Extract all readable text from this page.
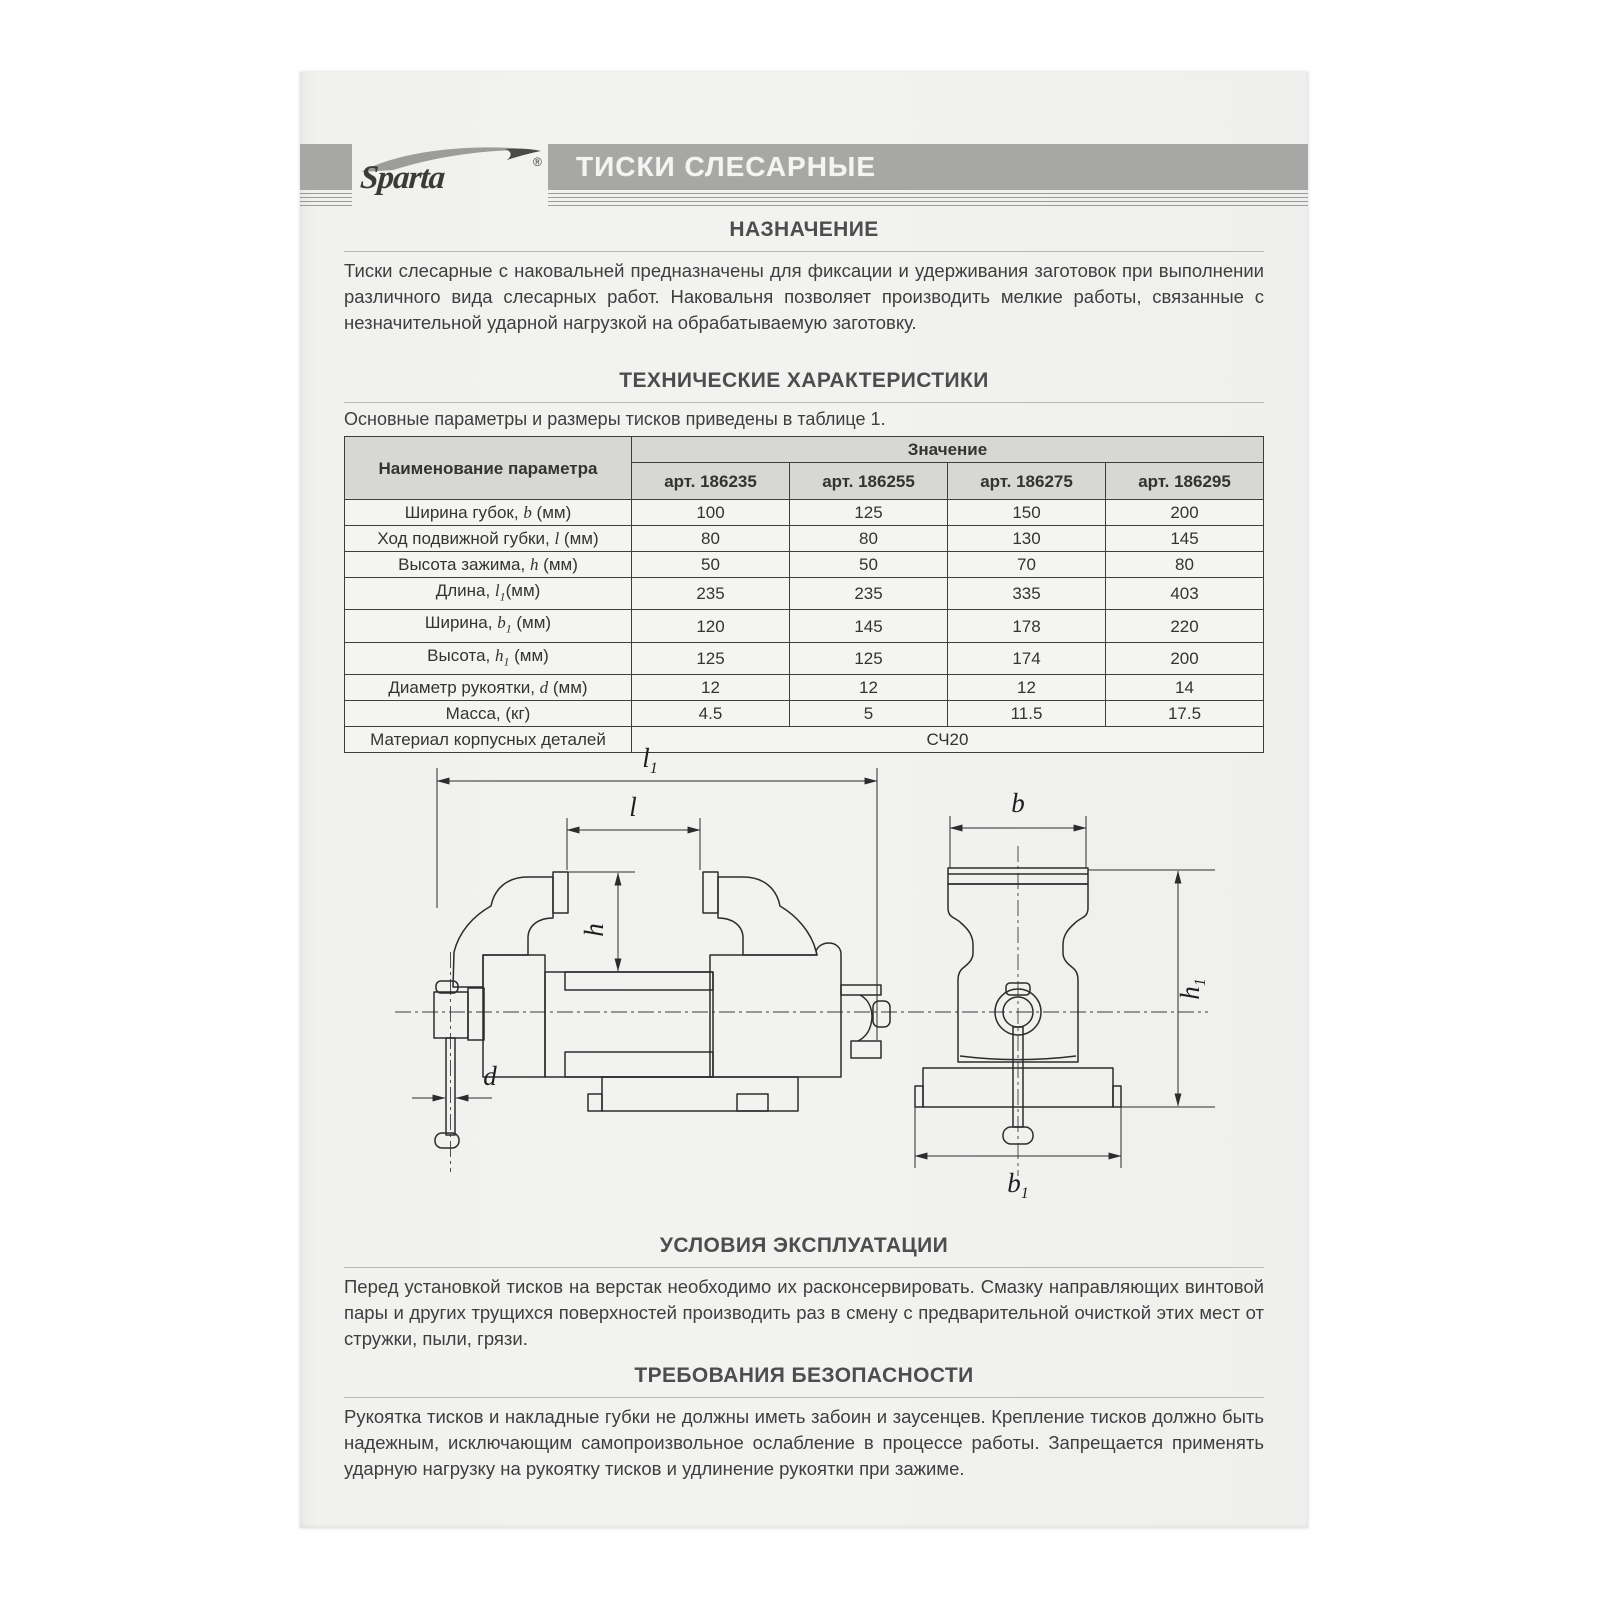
Sparta	®	ТИСКИ СЛЕСАРНЫЕ
НАЗНАЧЕНИЕ

Тиски слесарные с наковальней предназначены для фиксации и удерживания заготовок при выполнении различного вида слесарных работ. Наковальня позволяет производить мелкие работы, связанные с незначительной ударной нагрузкой на обрабатываемую заготовку.

ТЕХНИЧЕСКИЕ ХАРАКТЕРИСТИКИ

Основные параметры и размеры тисков приведены в таблице 1.

Наименование параметра	Значение			
	арт. 186235	арт. 186255	арт. 186275	арт. 186295
Ширина губок, b (мм)	100	125	150	200
Ход подвижной губки, l (мм)	80	80	130	145
Высота зажима, h (мм)	50	50	70	80
Длина, $l_1(мм)$	235	235	335	403
Ширина, $b_1$ (мм)	120	145	178	220
Высота, $h_1$ (мм)	125	125	174	200
Диаметр рукоятки, d (мм)	12	12	12	14
Масса, (кг)	4.5	5	11.5	17.5
Материал корпусных деталей	СЧ20			
$l_1$
l
h
d
b
$h_1$
$b_1$
УСЛОВИЯ ЭКСПЛУАТАЦИИ

Перед установкой тисков на верстак необходимо их расконсервировать. Смазку направляющих винтовой пары и других трущихся поверхностей производить раз в смену с предварительной очисткой этих мест от стружки, пыли, грязи.

ТРЕБОВАНИЯ БЕЗОПАСНОСТИ

Рукоятка тисков и накладные губки не должны иметь забоин и заусенцев. Крепление тисков должно быть надежным, исключающим самопроизвольное ослабление в процессе работы. Запрещается применять ударную нагрузку на рукоятку тисков и удлинение рукоятки при зажиме.
